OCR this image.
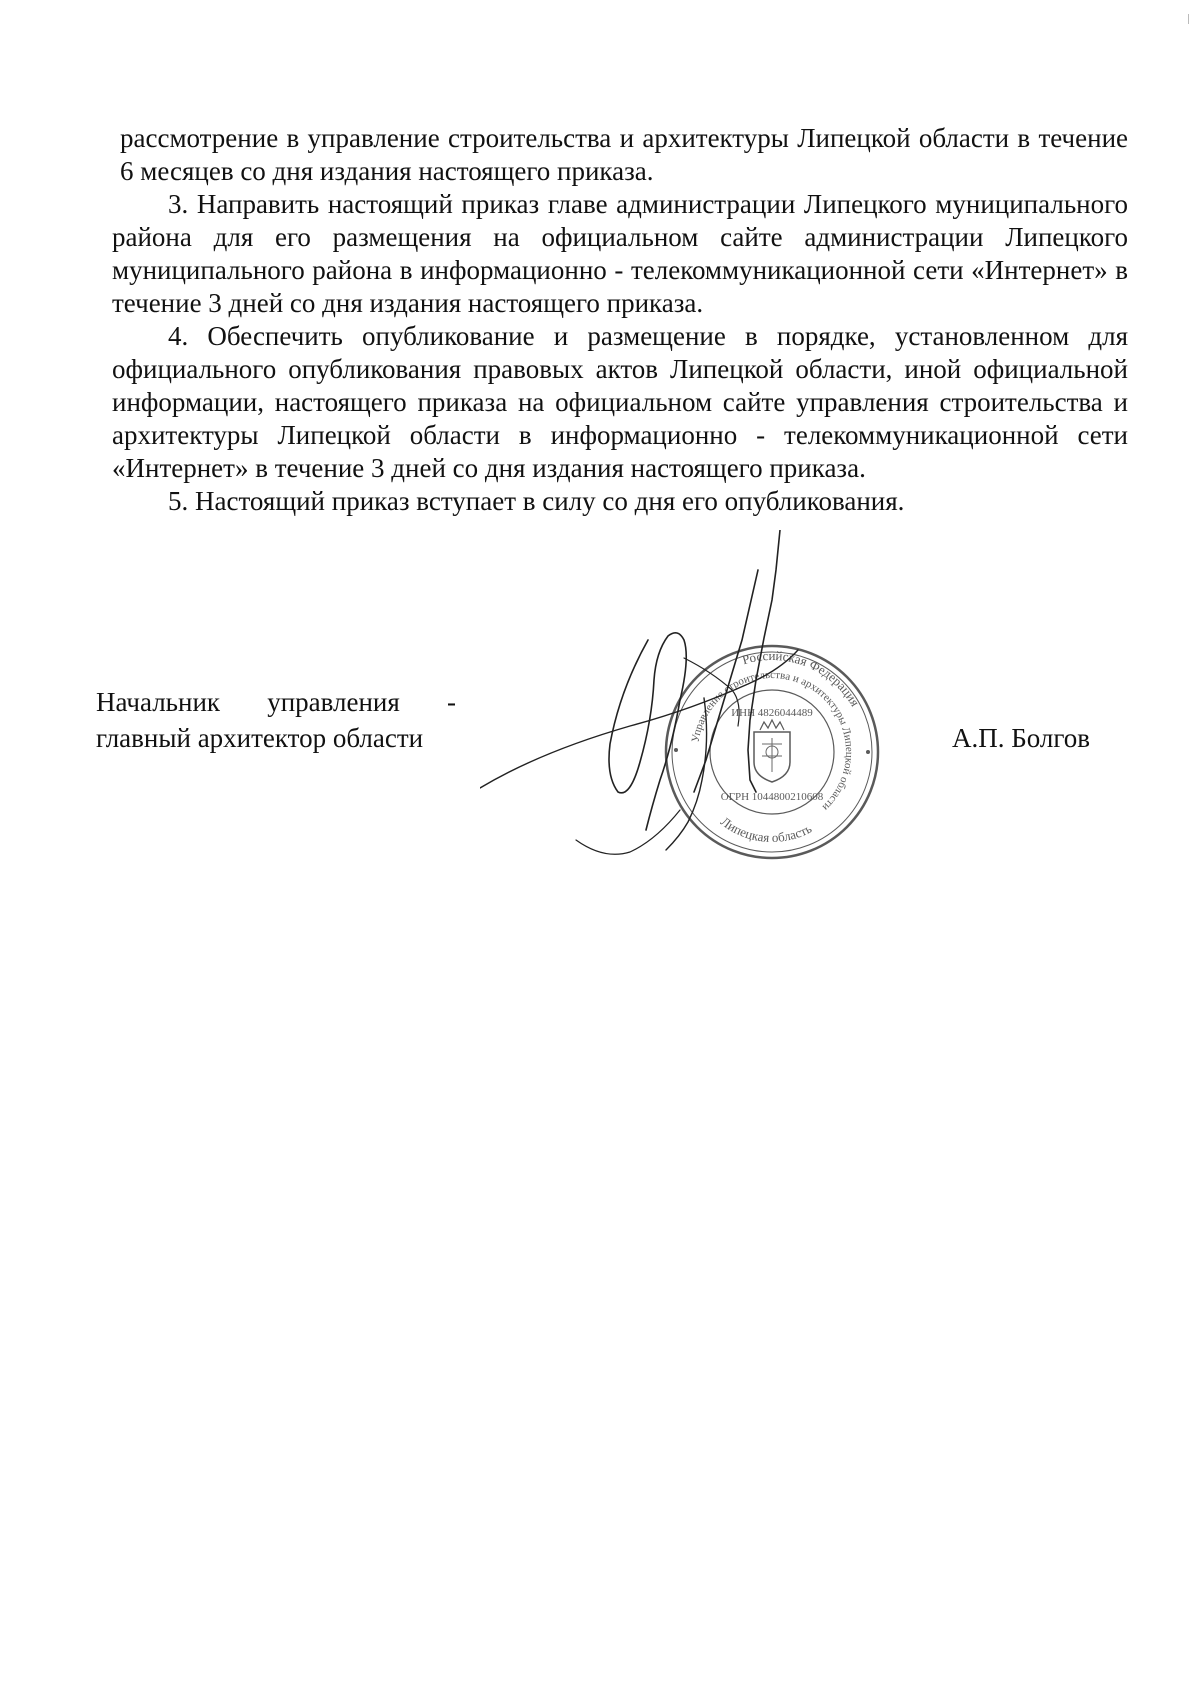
рассмотрение в управление строительства и архитектуры Липецкой области в течение 6 месяцев со дня издания настоящего приказа.

3. Направить настоящий приказ главе администрации Липецкого муниципального района для его размещения на официальном сайте администрации Липецкого муниципального района в информационно - телекоммуникационной сети «Интернет» в течение 3 дней со дня издания настоящего приказа.

4. Обеспечить опубликование и размещение в порядке, установленном для официального опубликования правовых актов Липецкой области, иной официальной информации, настоящего приказа на официальном сайте управления строительства и архитектуры Липецкой области в информационно - телекоммуникационной сети «Интернет» в течение 3 дней со дня издания настоящего приказа.

5. Настоящий приказ вступает в силу со дня его опубликования.

Российская Федерация
Управление строительства и архитектуры Липецкой области
Липецкая область
ИНН 4826044489
ОГРН 1044800210608
Начальник управления -
главный архитектор области	А.П. Болгов
